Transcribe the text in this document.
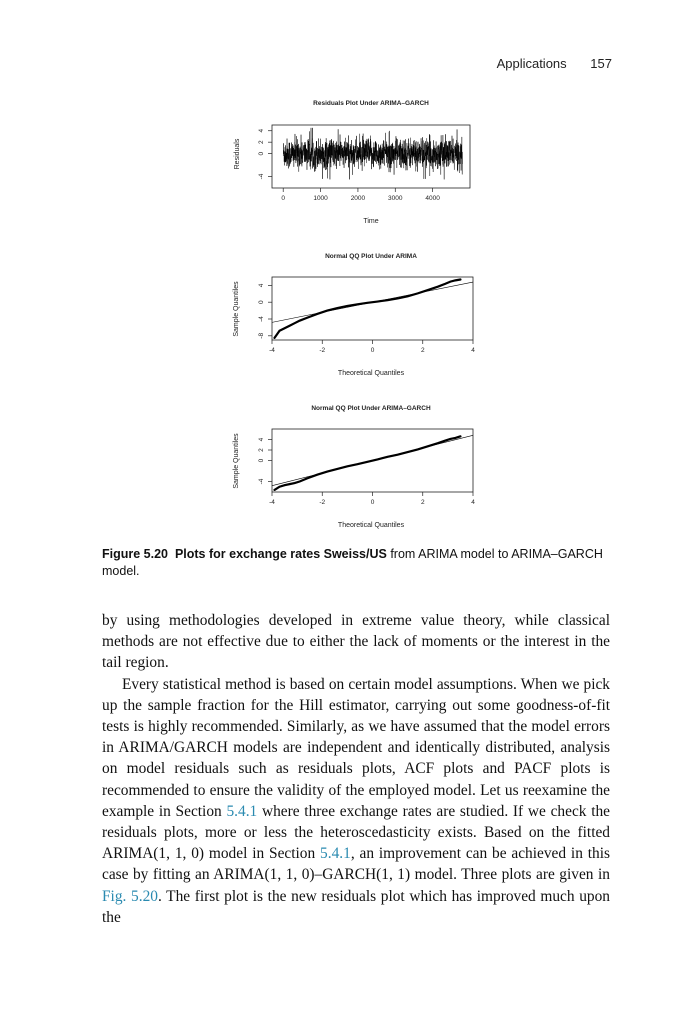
Applications 157
Residuals Plot Under ARIMA–GARCH
0	1000	2000	3000	4000
-4
0
2
4
Residuals
Time
Normal QQ Plot Under ARIMA
-4	-2	0	2	4
-8
-4
0
4
Sample Quantiles
Theoretical Quantiles
Normal QQ Plot Under ARIMA–GARCH
-4	-2	0	2	4
-4
0
2
4
Sample Quantiles
Theoretical Quantiles
Figure 5.20 Plots for exchange rates Sweiss/US from ARIMA model to ARIMA–GARCH model.

by using methodologies developed in extreme value theory, while classical methods are not effective due to either the lack of moments or the interest in the tail region.

Every statistical method is based on certain model assumptions. When we pick up the sample fraction for the Hill estimator, carrying out some goodness-of-fit tests is highly recommended. Similarly, as we have assumed that the model errors in ARIMA/GARCH models are independent and identically distributed, analysis on model residuals such as residuals plots, ACF plots and PACF plots is recommended to ensure the validity of the employed model. Let us reexamine the example in Section 5.4.1 where three exchange rates are studied. If we check the residuals plots, more or less the heteroscedasticity exists. Based on the fitted ARIMA(1, 1, 0) model in Section 5.4.1, an improvement can be achieved in this case by fitting an ARIMA(1, 1, 0)–GARCH(1, 1) model. Three plots are given in Fig. 5.20. The first plot is the new residuals plot which has improved much upon the
